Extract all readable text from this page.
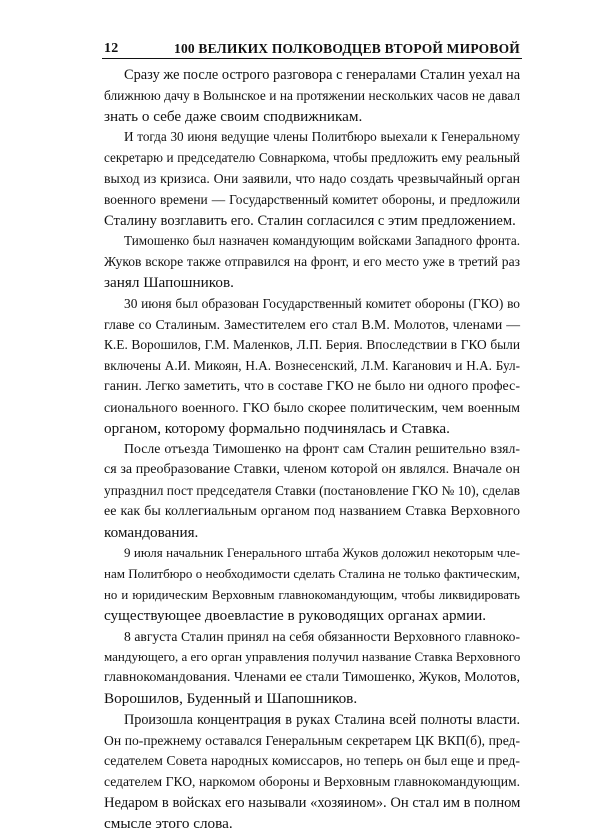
12	100 ВЕЛИКИХ ПОЛКОВОДЦЕВ ВТОРОЙ МИРОВОЙ
Сразу же после острого разговора с генералами Сталин уехал на
ближнюю дачу в Волынское и на протяжении нескольких часов не давал
знать о себе даже своим сподвижникам.
И тогда 30 июня ведущие члены Политбюро выехали к Генеральному
секретарю и председателю Совнаркома, чтобы предложить ему реальный
выход из кризиса. Они заявили, что надо создать чрезвычайный орган
военного времени — Государственный комитет обороны, и предложили
Сталину возглавить его. Сталин согласился с этим предложением.
Тимошенко был назначен командующим войсками Западного фронта.
Жуков вскоре также отправился на фронт, и его место уже в третий раз
занял Шапошников.
30 июня был образован Государственный комитет обороны (ГКО) во
главе со Сталиным. Заместителем его стал В.М. Молотов, членами —
К.Е. Ворошилов, Г.М. Маленков, Л.П. Берия. Впоследствии в ГКО были
включены А.И. Микоян, Н.А. Вознесенский, Л.М. Каганович и Н.А. Бул-
ганин. Легко заметить, что в составе ГКО не было ни одного профес-
сионального военного. ГКО было скорее политическим, чем военным
органом, которому формально подчинялась и Ставка.
После отъезда Тимошенко на фронт сам Сталин решительно взял-
ся за преобразование Ставки, членом которой он являлся. Вначале он
упразднил пост председателя Ставки (постановление ГКО № 10), сделав
ее как бы коллегиальным органом под названием Ставка Верховного
командования.
9 июля начальник Генерального штаба Жуков доложил некоторым чле-
нам Политбюро о необходимости сделать Сталина не только фактическим,
но и юридическим Верховным главнокомандующим, чтобы ликвидировать
существующее двоевластие в руководящих органах армии.
8 августа Сталин принял на себя обязанности Верховного главноко-
мандующего, а его орган управления получил название Ставка Верховного
главнокомандования. Членами ее стали Тимошенко, Жуков, Молотов,
Ворошилов, Буденный и Шапошников.
Произошла концентрация в руках Сталина всей полноты власти.
Он по-прежнему оставался Генеральным секретарем ЦК ВКП(б), пред-
седателем Совета народных комиссаров, но теперь он был еще и пред-
седателем ГКО, наркомом обороны и Верховным главнокомандующим.
Недаром в войсках его называли «хозяином». Он стал им в полном
смысле этого слова.
